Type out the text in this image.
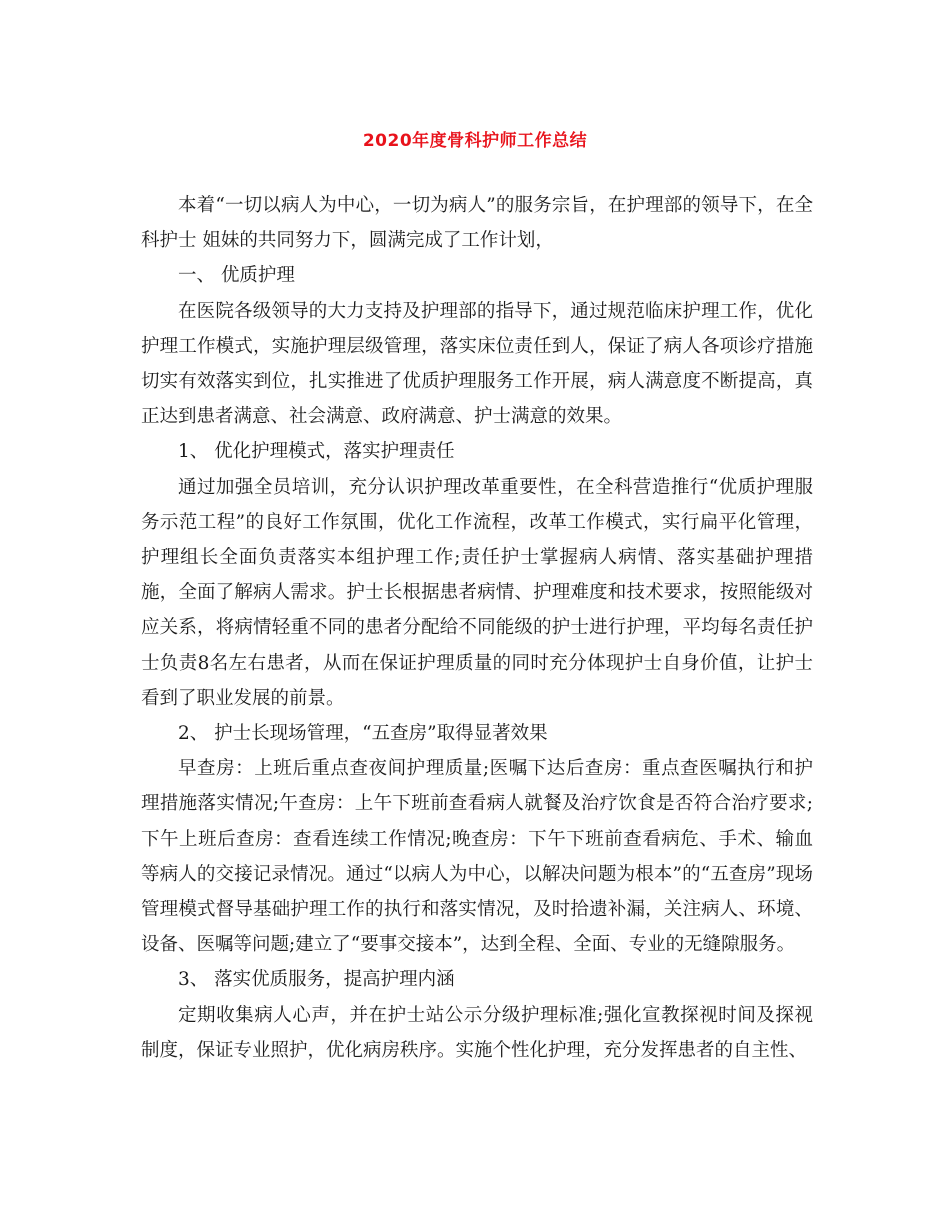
2020年度骨科护师工作总结

本着“一切以病人为中心，一切为病人”的服务宗旨，在护理部的领导下，在全科护士 姐妹的共同努力下，圆满完成了工作计划，

一、 优质护理

在医院各级领导的大力支持及护理部的指导下，通过规范临床护理工作，优化护理工作模式，实施护理层级管理，落实床位责任到人，保证了病人各项诊疗措施切实有效落实到位，扎实推进了优质护理服务工作开展，病人满意度不断提高，真正达到患者满意、社会满意、政府满意、护士满意的效果。

1、 优化护理模式，落实护理责任

通过加强全员培训，充分认识护理改革重要性，在全科营造推行“优质护理服务示范工程”的良好工作氛围，优化工作流程，改革工作模式，实行扁平化管理，护理组长全面负责落实本组护理工作;责任护士掌握病人病情、落实基础护理措施，全面了解病人需求。护士长根据患者病情、护理难度和技术要求，按照能级对应关系，将病情轻重不同的患者分配给不同能级的护士进行护理，平均每名责任护士负责8名左右患者，从而在保证护理质量的同时充分体现护士自身价值，让护士看到了职业发展的前景。

2、 护士长现场管理，“五查房”取得显著效果

早查房：上班后重点查夜间护理质量;医嘱下达后查房：重点查医嘱执行和护理措施落实情况;午查房：上午下班前查看病人就餐及治疗饮食是否符合治疗要求;下午上班后查房：查看连续工作情况;晚查房：下午下班前查看病危、手术、输血等病人的交接记录情况。通过“以病人为中心，以解决问题为根本”的“五查房”现场管理模式督导基础护理工作的执行和落实情况，及时拾遗补漏，关注病人、环境、设备、医嘱等问题;建立了“要事交接本”，达到全程、全面、专业的无缝隙服务。

3、 落实优质服务，提高护理内涵

定期收集病人心声，并在护士站公示分级护理标准;强化宣教探视时间及探视制度，保证专业照护，优化病房秩序。实施个性化护理，充分发挥患者的自主性、
